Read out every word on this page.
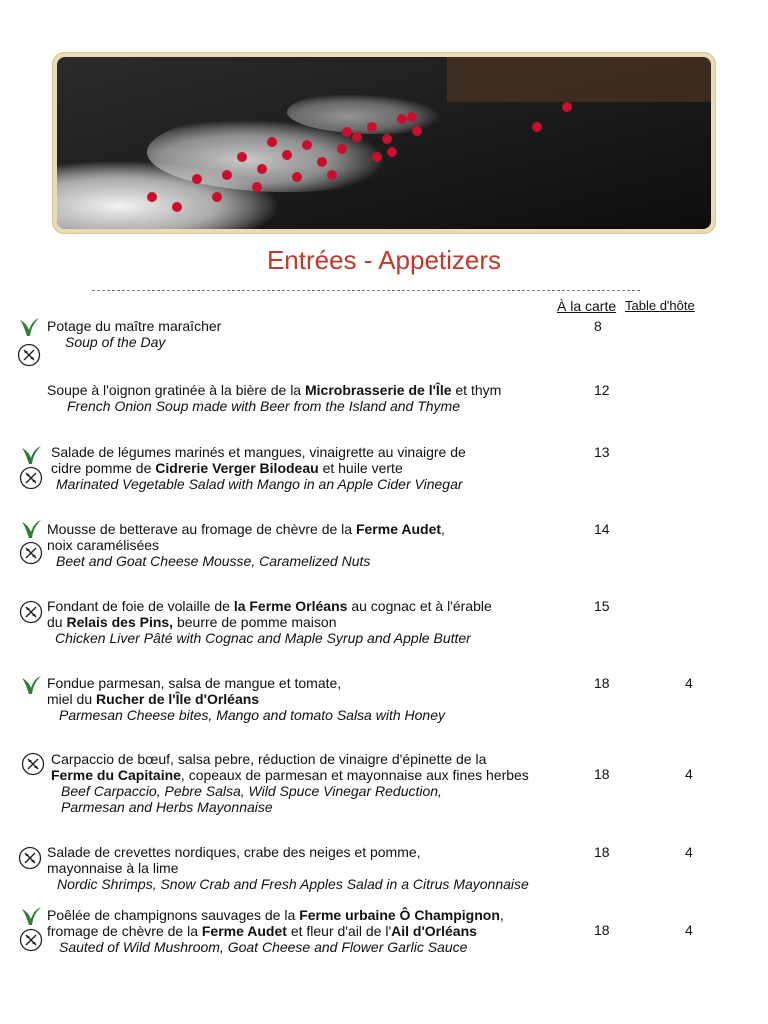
Entrées - Appetizers
À la carte Table d'hôte
Potage du maître maraîcher
Soup of the Day
8
Soupe à l'oignon gratinée à la bière de la Microbrasserie de l'Île et thym
French Onion Soup made with Beer from the Island and Thyme
12
Salade de légumes marinés et mangues, vinaigrette au vinaigre de
cidre pomme de Cidrerie Verger Bilodeau et huile verte
Marinated Vegetable Salad with Mango in an Apple Cider Vinegar
13
Mousse de betterave au fromage de chèvre de la Ferme Audet,
noix caramélisées
Beet and Goat Cheese Mousse, Caramelized Nuts
14
Fondant de foie de volaille de la Ferme Orléans au cognac et à l'érable
du Relais des Pins, beurre de pomme maison
Chicken Liver Pâté with Cognac and Maple Syrup and Apple Butter
15
Fondue parmesan, salsa de mangue et tomate,
miel du Rucher de l'Île d'Orléans
Parmesan Cheese bites, Mango and tomato Salsa with Honey
18	4
Carpaccio de bœuf, salsa pebre, réduction de vinaigre d'épinette de la
Ferme du Capitaine, copeaux de parmesan et mayonnaise aux fines herbes
Beef Carpaccio, Pebre Salsa, Wild Spuce Vinegar Reduction,
Parmesan and Herbs Mayonnaise
18	4
Salade de crevettes nordiques, crabe des neiges et pomme,
mayonnaise à la lime
Nordic Shrimps, Snow Crab and Fresh Apples Salad in a Citrus Mayonnaise
18	4
Poêlée de champignons sauvages de la Ferme urbaine Ô Champignon,
fromage de chèvre de la Ferme Audet et fleur d'ail de l'Ail d'Orléans
Sauted of Wild Mushroom, Goat Cheese and Flower Garlic Sauce
18	4
